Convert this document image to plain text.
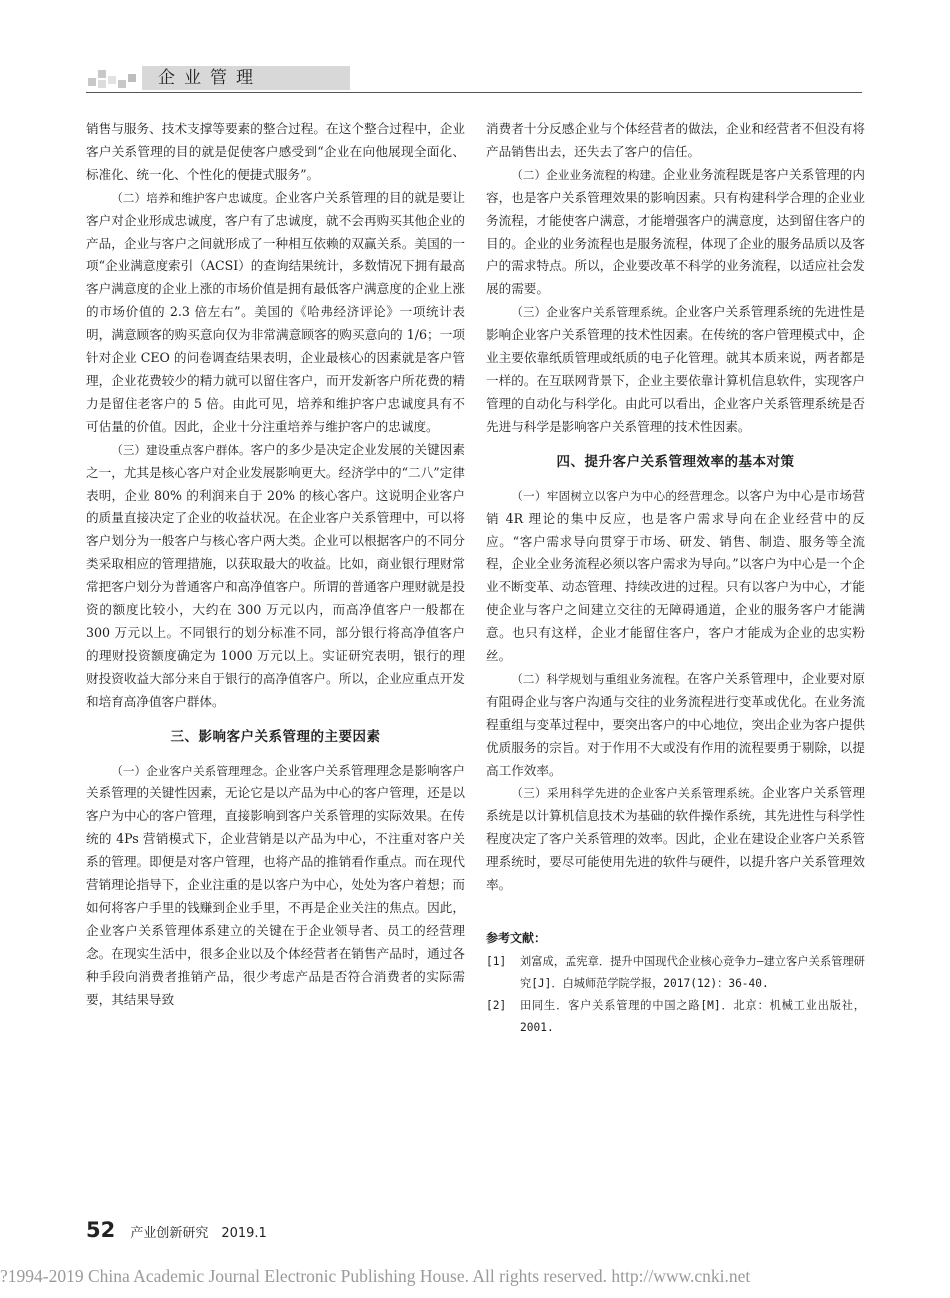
企业管理

销售与服务、技术支撑等要素的整合过程。在这个整合过程中，企业客户关系管理的目的就是促使客户感受到“企业在向他展现全面化、标准化、统一化、个性化的便捷式服务”。

（二）培养和维护客户忠诚度。企业客户关系管理的目的就是要让客户对企业形成忠诚度，客户有了忠诚度，就不会再购买其他企业的产品，企业与客户之间就形成了一种相互依赖的双赢关系。美国的一项“企业满意度索引（ACSI）的查询结果统计，多数情况下拥有最高客户满意度的企业上涨的市场价值是拥有最低客户满意度的企业上涨的市场价值的 2.3 倍左右”。美国的《哈弗经济评论》一项统计表明，满意顾客的购买意向仅为非常满意顾客的购买意向的 1/6；一项针对企业 CEO 的问卷调查结果表明，企业最核心的因素就是客户管理，企业花费较少的精力就可以留住客户，而开发新客户所花费的精力是留住老客户的 5 倍。由此可见，培养和维护客户忠诚度具有不可估量的价值。因此，企业十分注重培养与维护客户的忠诚度。

（三）建设重点客户群体。客户的多少是决定企业发展的关键因素之一，尤其是核心客户对企业发展影响更大。经济学中的“二八”定律表明，企业 80% 的利润来自于 20% 的核心客户。这说明企业客户的质量直接决定了企业的收益状况。在企业客户关系管理中，可以将客户划分为一般客户与核心客户两大类。企业可以根据客户的不同分类采取相应的管理措施，以获取最大的收益。比如，商业银行理财常常把客户划分为普通客户和高净值客户。所谓的普通客户理财就是投资的额度比较小，大约在 300 万元以内，而高净值客户一般都在 300 万元以上。不同银行的划分标准不同，部分银行将高净值客户的理财投资额度确定为 1000 万元以上。实证研究表明，银行的理财投资收益大部分来自于银行的高净值客户。所以，企业应重点开发和培育高净值客户群体。

三、影响客户关系管理的主要因素

（一）企业客户关系管理理念。企业客户关系管理理念是影响客户关系管理的关键性因素，无论它是以产品为中心的客户管理，还是以客户为中心的客户管理，直接影响到客户关系管理的实际效果。在传统的 4Ps 营销模式下，企业营销是以产品为中心，不注重对客户关系的管理。即便是对客户管理，也将产品的推销看作重点。而在现代营销理论指导下，企业注重的是以客户为中心，处处为客户着想；而如何将客户手里的钱赚到企业手里，不再是企业关注的焦点。因此，企业客户关系管理体系建立的关键在于企业领导者、员工的经营理念。在现实生活中，很多企业以及个体经营者在销售产品时，通过各种手段向消费者推销产品，很少考虑产品是否符合消费者的实际需要，其结果导致

消费者十分反感企业与个体经营者的做法，企业和经营者不但没有将产品销售出去，还失去了客户的信任。

（二）企业业务流程的构建。企业业务流程既是客户关系管理的内容，也是客户关系管理效果的影响因素。只有构建科学合理的企业业务流程，才能使客户满意，才能增强客户的满意度，达到留住客户的目的。企业的业务流程也是服务流程，体现了企业的服务品质以及客户的需求特点。所以，企业要改革不科学的业务流程，以适应社会发展的需要。

（三）企业客户关系管理系统。企业客户关系管理系统的先进性是影响企业客户关系管理的技术性因素。在传统的客户管理模式中，企业主要依靠纸质管理或纸质的电子化管理。就其本质来说，两者都是一样的。在互联网背景下，企业主要依靠计算机信息软件，实现客户管理的自动化与科学化。由此可以看出，企业客户关系管理系统是否先进与科学是影响客户关系管理的技术性因素。

四、提升客户关系管理效率的基本对策

（一）牢固树立以客户为中心的经营理念。以客户为中心是市场营销 4R 理论的集中反应，也是客户需求导向在企业经营中的反应。“客户需求导向贯穿于市场、研发、销售、制造、服务等全流程，企业全业务流程必须以客户需求为导向。”以客户为中心是一个企业不断变革、动态管理、持续改进的过程。只有以客户为中心，才能使企业与客户之间建立交往的无障碍通道，企业的服务客户才能满意。也只有这样，企业才能留住客户，客户才能成为企业的忠实粉丝。

（二）科学规划与重组业务流程。在客户关系管理中，企业要对原有阻碍企业与客户沟通与交往的业务流程进行变革或优化。在业务流程重组与变革过程中，要突出客户的中心地位，突出企业为客户提供优质服务的宗旨。对于作用不大或没有作用的流程要勇于剔除，以提高工作效率。

（三）采用科学先进的企业客户关系管理系统。企业客户关系管理系统是以计算机信息技术为基础的软件操作系统，其先进性与科学性程度决定了客户关系管理的效率。因此，企业在建设企业客户关系管理系统时，要尽可能使用先进的软件与硬件，以提升客户关系管理效率。

参考文献：

[1]	刘富成，孟宪章．提升中国现代企业核心竞争力—建立客户关系管理研究[J]．白城师范学院学报，2017(12)：36-40.
[2]	田同生．客户关系管理的中国之路[M]．北京：机械工业出版社，2001.
52 产业创新研究　2019.1
?1994-2019 China Academic Journal Electronic Publishing House. All rights reserved. http://www.cnki.net
